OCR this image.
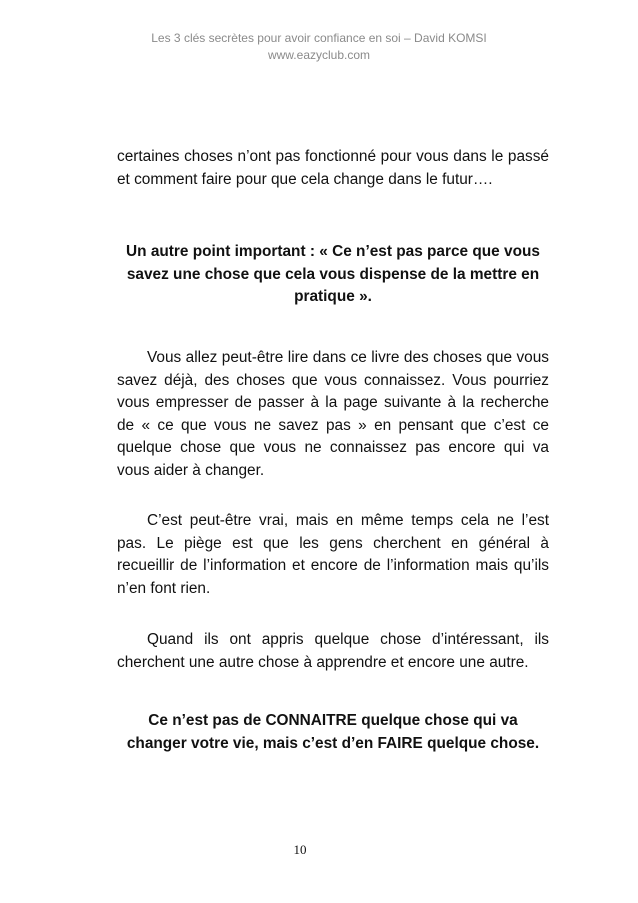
Les 3 clés secrètes pour avoir confiance en soi – David KOMSI
www.eazyclub.com

certaines choses n’ont pas fonctionné pour vous dans le passé et comment faire pour que cela change dans le futur….

Un autre point important : « Ce n’est pas parce que vous savez une chose que cela vous dispense de la mettre en pratique ».

Vous allez peut-être lire dans ce livre des choses que vous savez déjà, des choses que vous connaissez. Vous pourriez vous empresser de passer à la page suivante à la recherche de « ce que vous ne savez pas » en pensant que c’est ce quelque chose que vous ne connaissez pas encore qui va vous aider à changer.

C’est peut-être vrai, mais en même temps cela ne l’est pas. Le piège est que les gens cherchent en général à recueillir de l’information et encore de l’information mais qu’ils n’en font rien.

Quand ils ont appris quelque chose d’intéressant, ils cherchent une autre chose à apprendre et encore une autre.

Ce n’est pas de CONNAITRE quelque chose qui va changer votre vie, mais c’est d’en FAIRE quelque chose.

10
